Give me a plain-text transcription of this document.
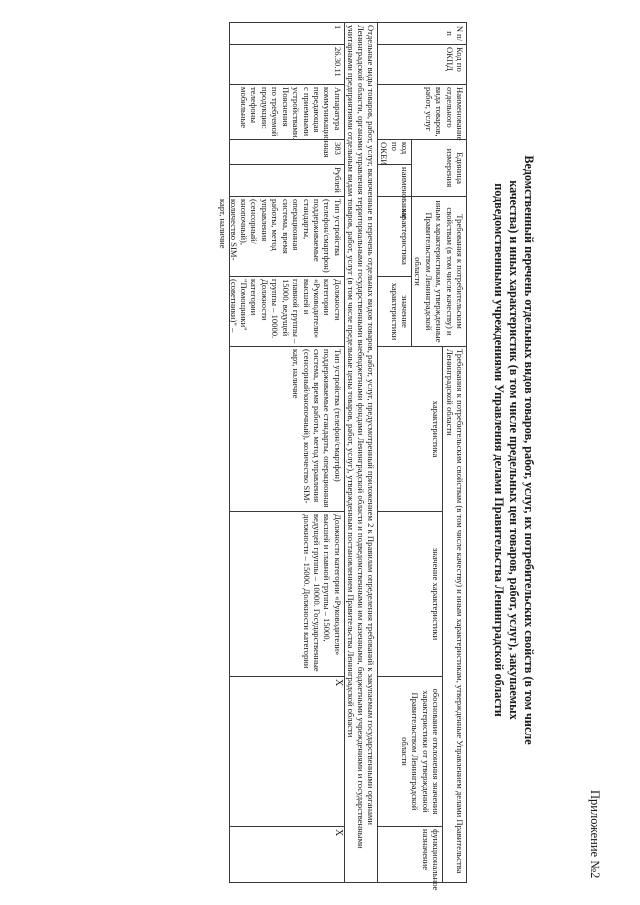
Приложение №2
Ведомственный перечень отдельных видов товаров, работ, услуг, их потребительских свойств (в том числе
качества) и иных характеристик (в том числе предельных цен товаров, работ, услуг), закупаемых
подведомственными учреждениями Управления делами Правительства Ленинградской области
N п/п	Код по ОКПД	Наименование отдельного вида товаров, работ, услуг	Единица измерения		Требования к потребительским свойствам (в том числе качеству) и иным характеристикам, утвержденные Правительством Ленинградской области		Требования к потребительским свойствам (в том числе качеству) и иным характеристикам, утвержденные Управлением делами Правительства Ленинградской области			
							характеристика	значение характеристики	обоснование отклонения значения характеристики от утвержденной Правительством Ленинградской области	функциональное назначение
			код по ОКЕИ	наименование	характеристика	значение характеристики				
Отдельные виды товаров, работ, услуг, включенные в перечень отдельных видов товаров, работ, услуг, предусмотренный приложением 2 к Правилам определения требований к закупаемым государственными органами Ленинградской области, органами управления территориальными государственными внебюджетными фондами Ленинградской области и подведомственными им казенными, бюджетными учреждениями и государственными унитарными предприятиями отдельным видам товаров, работ, услуг (в том числе предельные цены товаров, работ, услуг), утвержденным постановлением Правительства Ленинградской области										

1	26.30.11	Аппаратура коммуникационная передающая с приемными устройствами. Пояснения по требуемой продукции: телефоны мобильные	383	Рублей	Тип устройства (телефон/смартфон) поддерживаемые стандарты, операционная система, время работы, метод управления (сенсорный/кнопочный), количество SIM-карт, наличие	Должности категории «Руководители» высшей и главной группы – 15000, ведущей группы – 10000. Должности категории "Помощники" (советники)" –	Тип устройства (телефон/смартфон) поддерживаемые стандарты, операционная система, время работы, метод управления (сенсорный/кнопочный), количество SIM-карт, наличие	Должности категории «Руководители» высшей и главной группы – 15000, ведущей группы – 10000. Государственные должности – 15000. Должности категории	X	X
